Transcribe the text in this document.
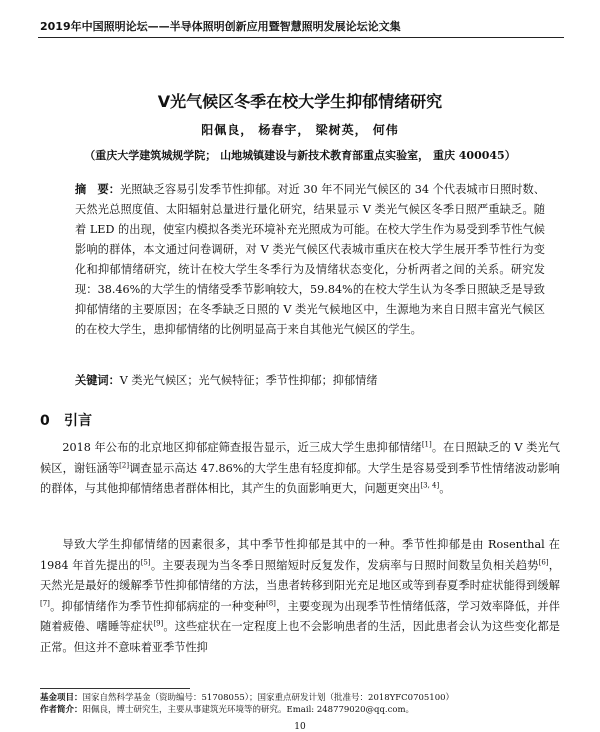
2019年中国照明论坛——半导体照明创新应用暨智慧照明发展论坛论文集
V光气候区冬季在校大学生抑郁情绪研究
阳佩良， 杨春宇， 梁树英， 何伟
（重庆大学建筑城规学院； 山地城镇建设与新技术教育部重点实验室， 重庆 400045）

摘　要：光照缺乏容易引发季节性抑郁。对近 30 年不同光气候区的 34 个代表城市日照时数、天然光总照度值、太阳辐射总量进行量化研究，结果显示 V 类光气候区冬季日照严重缺乏。随着 LED 的出现，使室内模拟各类光环境补充光照成为可能。在校大学生作为易受到季节性气候影响的群体，本文通过问卷调研，对 V 类光气候区代表城市重庆在校大学生展开季节性行为变化和抑郁情绪研究，统计在校大学生冬季行为及情绪状态变化，分析两者之间的关系。研究发现：38.46%的大学生的情绪受季节影响较大，59.84%的在校大学生认为冬季日照缺乏是导致抑郁情绪的主要原因；在冬季缺乏日照的 V 类光气候地区中，生源地为来自日照丰富光气候区的在校大学生，患抑郁情绪的比例明显高于来自其他光气候区的学生。

关键词：V 类光气候区；光气候特征；季节性抑郁；抑郁情绪

0 引言

2018 年公布的北京地区抑郁症筛查报告显示，近三成大学生患抑郁情绪[1]。在日照缺乏的 V 类光气候区，谢钰涵等[2]调查显示高达 47.86%的大学生患有轻度抑郁。大学生是容易受到季节性情绪波动影响的群体，与其他抑郁情绪患者群体相比，其产生的负面影响更大，问题更突出[3, 4]。

导致大学生抑郁情绪的因素很多，其中季节性抑郁是其中的一种。季节性抑郁是由 Rosenthal 在 1984 年首先提出的[5]。主要表现为当冬季日照缩短时反复发作，发病率与日照时间数呈负相关趋势[6]，天然光是最好的缓解季节性抑郁情绪的方法，当患者转移到阳光充足地区或等到春夏季时症状能得到缓解[7]。抑郁情绪作为季节性抑郁病症的一种变种[8]，主要变现为出现季节性情绪低落，学习效率降低，并伴随着疲倦、嗜睡等症状[9]。这些症状在一定程度上也不会影响患者的生活，因此患者会认为这些变化都是正常。但这并不意味着亚季节性抑

基金项目：国家自然科学基金（资助编号：51708055）；国家重点研发计划（批准号：2018YFC0705100）

作者简介：阳佩良，博士研究生，主要从事建筑光环境等的研究。Email: 248779020@qq.com。

10
